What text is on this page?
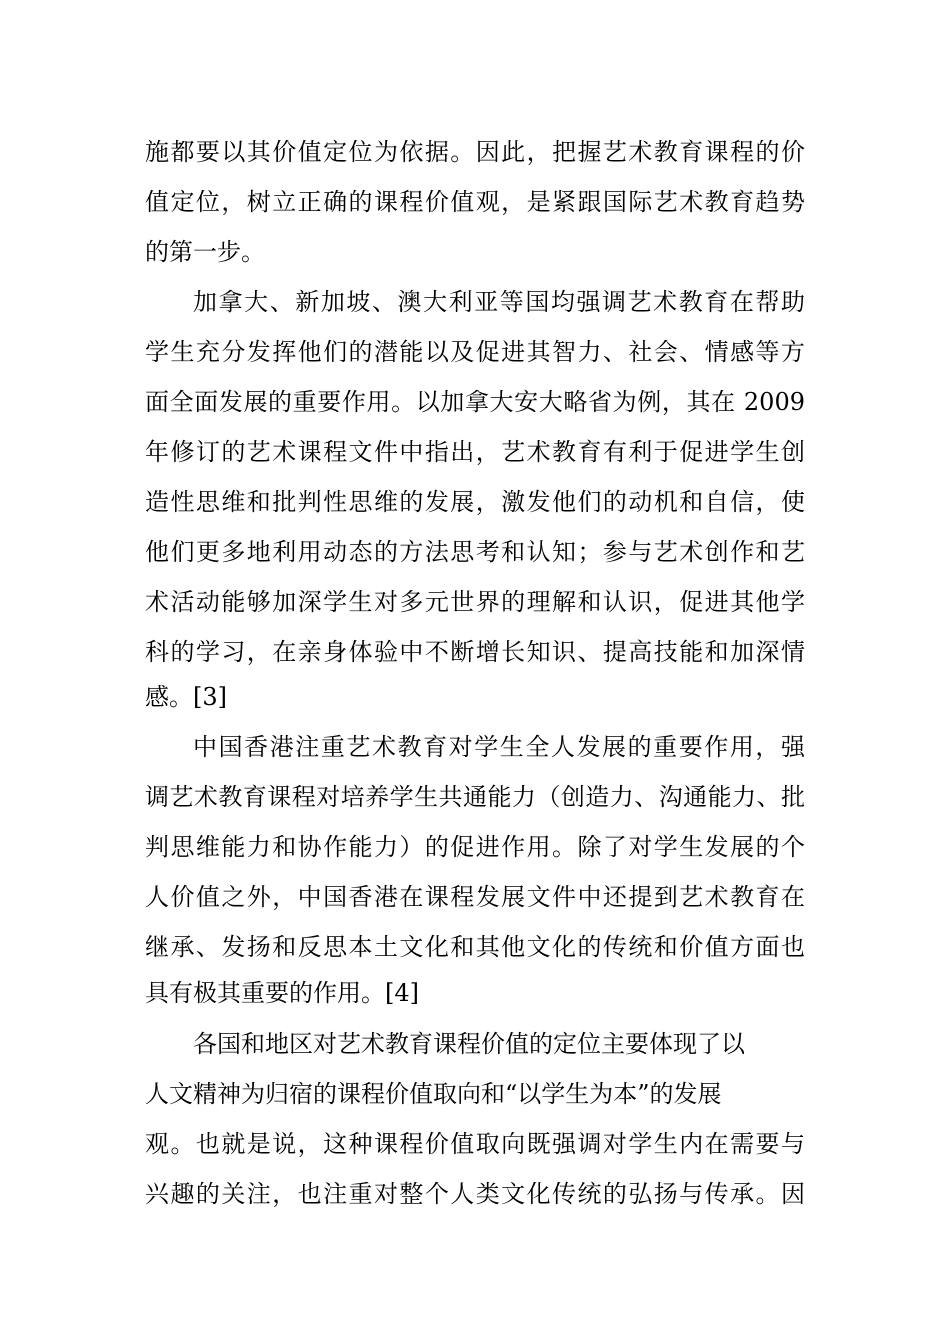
施都要以其价值定位为依据。因此，把握艺术教育课程的价
值定位，树立正确的课程价值观，是紧跟国际艺术教育趋势
的第一步。
加拿大、新加坡、澳大利亚等国均强调艺术教育在帮助
学生充分发挥他们的潜能以及促进其智力、社会、情感等方
面全面发展的重要作用。以加拿大安大略省为例，其在 2009
年修订的艺术课程文件中指出，艺术教育有利于促进学生创
造性思维和批判性思维的发展，激发他们的动机和自信，使
他们更多地利用动态的方法思考和认知；参与艺术创作和艺
术活动能够加深学生对多元世界的理解和认识，促进其他学
科的学习，在亲身体验中不断增长知识、提高技能和加深情
感。[3]
中国香港注重艺术教育对学生全人发展的重要作用，强
调艺术教育课程对培养学生共通能力（创造力、沟通能力、批
判思维能力和协作能力）的促进作用。除了对学生发展的个
人价值之外，中国香港在课程发展文件中还提到艺术教育在
继承、发扬和反思本土文化和其他文化的传统和价值方面也
具有极其重要的作用。[4]
各国和地区对艺术教育课程价值的定位主要体现了以
人文精神为归宿的课程价值取向和“以学生为本”的发展
观。也就是说，这种课程价值取向既强调对学生内在需要与
兴趣的关注，也注重对整个人类文化传统的弘扬与传承。因
